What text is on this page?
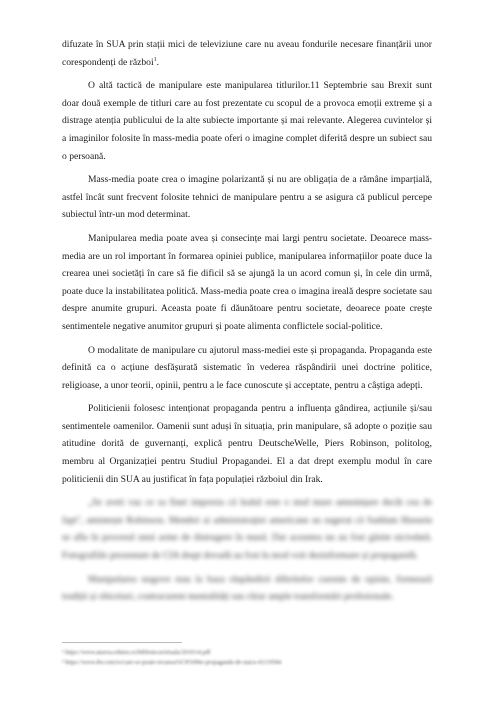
difuzate în SUA prin stații mici de televiziune care nu aveau fondurile necesare finanțării unor corespondenți de război$^1$.

O altă tactică de manipulare este manipularea titlurilor.11 Septembrie sau Brexit sunt doar două exemple de titluri care au fost prezentate cu scopul de a provoca emoții extreme și a distrage atenția publicului de la alte subiecte importante și mai relevante. Alegerea cuvintelor și a imaginilor folosite în mass-media poate oferi o imagine complet diferită despre un subiect sau o persoană.

Mass-media poate crea o imagine polarizantă și nu are obligația de a rămâne imparțială, astfel încât sunt frecvent folosite tehnici de manipulare pentru a se asigura că publicul percepe subiectul într-un mod determinat.

Manipularea media poate avea și consecințe mai largi pentru societate. Deoarece mass-media are un rol important în formarea opiniei publice, manipularea informațiilor poate duce la crearea unei societăți în care să fie dificil să se ajungă la un acord comun și, în cele din urmă, poate duce la instabilitatea politică. Mass-media poate crea o imagina ireală despre societate sau despre anumite grupuri. Aceasta poate fi dăunătoare pentru societate, deoarece poate crește sentimentele negative anumitor grupuri și poate alimenta conflictele social-politice.

O modalitate de manipulare cu ajutorul mass-mediei este și propaganda. Propaganda este definită ca o acțiune desfășurată sistematic în vederea răspândirii unei doctrine politice, religioase, a unor teorii, opinii, pentru a le face cunoscute și acceptate, pentru a câștiga adepți.

Politicienii folosesc intenționat propaganda pentru a influența gândirea, acțiunile și/sau sentimentele oamenilor. Oamenii sunt aduși în situația, prin manipulare, să adopte o poziție sau atitudine dorită de guvernanți, explică pentru DeutscheWelle, Piers Robinson, politolog, membru al Organizației pentru Studiul Propagandei. El a dat drept exemplu modul în care politicienii din SUA au justificat în fața populației războiul din Irak.

„Se aveti vaz ce sa finet impresia că lealul este o stud mare amenințare decât cea de fapt", amintește Robinson. Membri ai administrației americane au sugerat că Saddam Hussein se afla în procesul unui arme de distrugere în masă. Dar aceastea nu au fost găsite niciodată. Fotografiile prezentate de CIA drept dovadă au fost în mod voit dezinformare și propagandă.

Manipularea stagove stau la baza răspândirii diferitelor curente de opinie, formează tradiții și obiceiuri, contracurent mentalități sau chiar ample transformări profesionale.

¹ https://www.ansexa.edutos.ro/bibliotecavirtuala/2010/v4.pdf
² https://www.dw.com/ro/care-se-poate-recunoa%C8%99te-propaganda-de-stat/a-41119584
